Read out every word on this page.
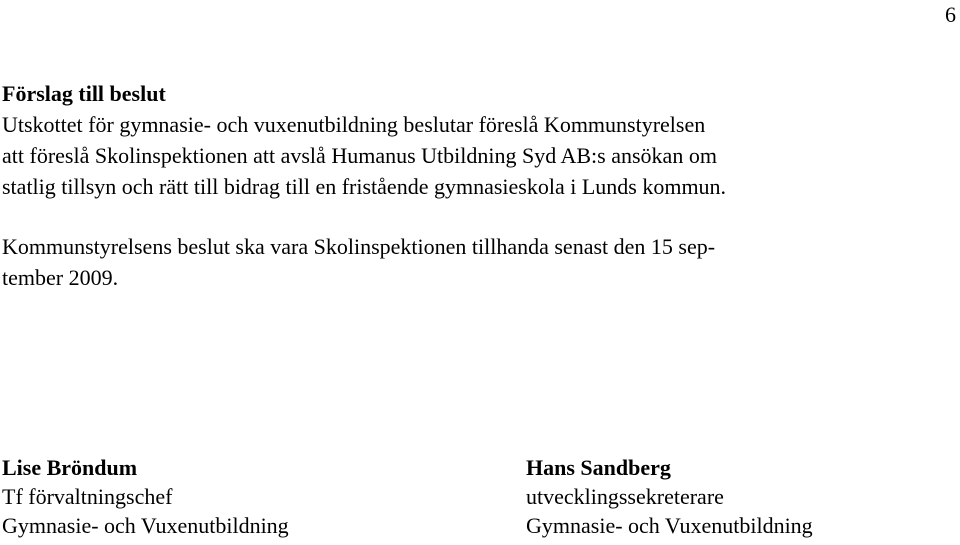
6

Förslag till beslut

Utskottet för gymnasie- och vuxenutbildning beslutar föreslå Kommunstyrelsen
att föreslå Skolinspektionen att avslå Humanus Utbildning Syd AB:s ansökan om
statlig tillsyn och rätt till bidrag till en fristående gymnasieskola i Lunds kommun.

Kommunstyrelsens beslut ska vara Skolinspektionen tillhanda senast den 15 sep-
tember 2009.

Lise Bröndum
Tf förvaltningschef
Gymnasie- och Vuxenutbildning
Hans Sandberg
utvecklingssekreterare
Gymnasie- och Vuxenutbildning
